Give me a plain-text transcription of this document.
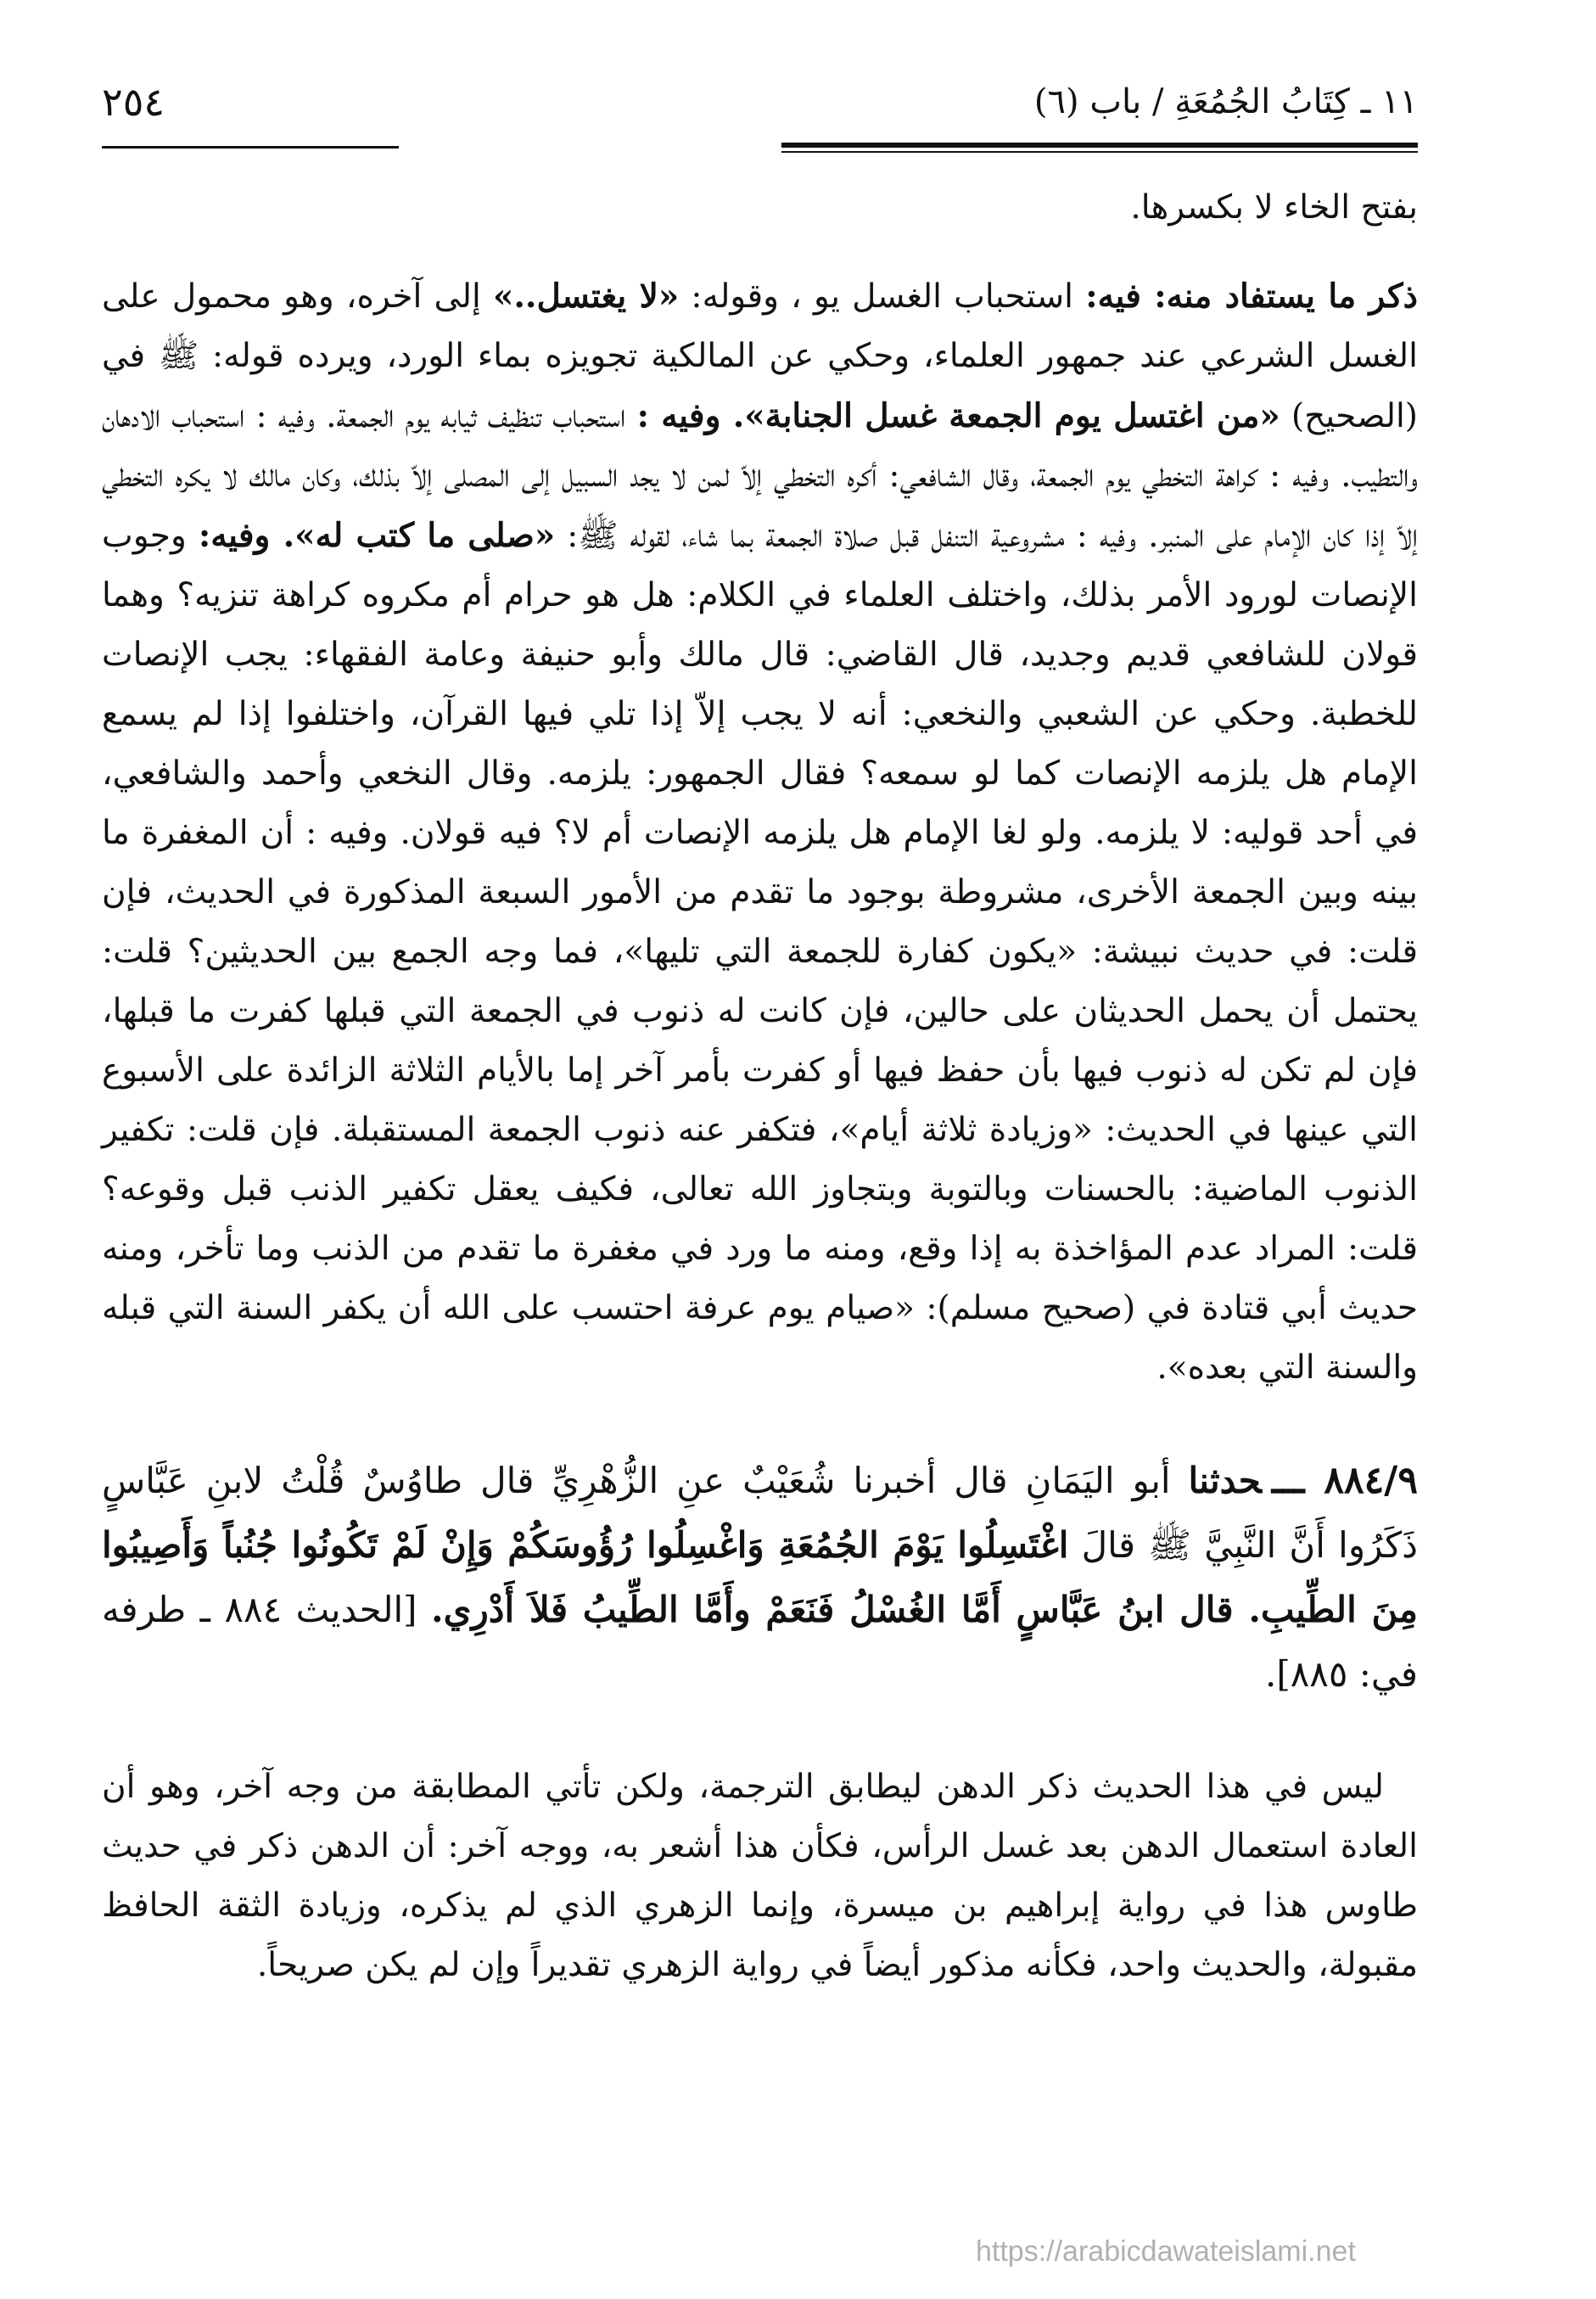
١١ ـ كِتَابُ الجُمُعَةِ / باب (٦)
٢٥٤

بفتح الخاء لا بكسرها.

ذكر ما يستفاد منه: فيه: استحباب الغسل يو ، وقوله: «لا يغتسل..» إلى آخره، وهو محمول على الغسل الشرعي عند جمهور العلماء، وحكي عن المالكية تجويزه بماء الورد، ويرده قوله: ﷺ في (الصحيح) «من اغتسل يوم الجمعة غسل الجنابة». وفيه : استحباب تنظيف ثيابه يوم الجمعة. وفيه : استحباب الادهان والتطيب. وفيه : كراهة التخطي يوم الجمعة، وقال الشافعي: أكره التخطي إلاّ لمن لا يجد السبيل إلى المصلى إلاّ بذلك، وكان مالك لا يكره التخطي إلاّ إذا كان الإمام على المنبر. وفيه : مشروعية التنفل قبل صلاة الجمعة بما شاء، لقوله ﷺ: «صلى ما كتب له». وفيه: وجوب الإنصات لورود الأمر بذلك، واختلف العلماء في الكلام: هل هو حرام أم مكروه كراهة تنزيه؟ وهما قولان للشافعي قديم وجديد، قال القاضي: قال مالك وأبو حنيفة وعامة الفقهاء: يجب الإنصات للخطبة. وحكي عن الشعبي والنخعي: أنه لا يجب إلاّ إذا تلي فيها القرآن، واختلفوا إذا لم يسمع الإمام هل يلزمه الإنصات كما لو سمعه؟ فقال الجمهور: يلزمه. وقال النخعي وأحمد والشافعي، في أحد قوليه: لا يلزمه. ولو لغا الإمام هل يلزمه الإنصات أم لا؟ فيه قولان. وفيه : أن المغفرة ما بينه وبين الجمعة الأخرى، مشروطة بوجود ما تقدم من الأمور السبعة المذكورة في الحديث، فإن قلت: في حديث نبيشة: «يكون كفارة للجمعة التي تليها»، فما وجه الجمع بين الحديثين؟ قلت: يحتمل أن يحمل الحديثان على حالين، فإن كانت له ذنوب في الجمعة التي قبلها كفرت ما قبلها، فإن لم تكن له ذنوب فيها بأن حفظ فيها أو كفرت بأمر آخر إما بالأيام الثلاثة الزائدة على الأسبوع التي عينها في الحديث: «وزيادة ثلاثة أيام»، فتكفر عنه ذنوب الجمعة المستقبلة. فإن قلت: تكفير الذنوب الماضية: بالحسنات وبالتوبة وبتجاوز الله تعالى، فكيف يعقل تكفير الذنب قبل وقوعه؟ قلت: المراد عدم المؤاخذة به إذا وقع، ومنه ما ورد في مغفرة ما تقدم من الذنب وما تأخر، ومنه حديث أبي قتادة في (صحيح مسلم): «صيام يوم عرفة احتسب على الله أن يكفر السنة التي قبله والسنة التي بعده».

٨٨٤/٩ ـــحدثنا أبو اليَمَانِ قال أخبرنا شُعَيْبٌ عنِ الزُّهْرِيِّ قال طاوُسٌ قُلْتُ لابنِ عَبَّاسٍ ذَكَرُوا أَنَّ النَّبِيَّ ﷺ قالَ اغْتَسِلُوا يَوْمَ الجُمُعَةِ وَاغْسِلُوا رُؤُوسَكُمْ وَإِنْ لَمْ تَكُونُوا جُنُباً وَأَصِيبُوا مِنَ الطِّيبِ. قال ابنُ عَبَّاسٍ أَمَّا الغُسْلُ فَنَعَمْ وأَمَّا الطِّيبُ فَلاَ أَدْرِي. [الحديث ٨٨٤ ـ طرفه في: ٨٨٥].

ليس في هذا الحديث ذكر الدهن ليطابق الترجمة، ولكن تأتي المطابقة من وجه آخر، وهو أن العادة استعمال الدهن بعد غسل الرأس، فكأن هذا أشعر به، ووجه آخر: أن الدهن ذكر في حديث طاوس هذا في رواية إبراهيم بن ميسرة، وإنما الزهري الذي لم يذكره، وزيادة الثقة الحافظ مقبولة، والحديث واحد، فكأنه مذكور أيضاً في رواية الزهري تقديراً وإن لم يكن صريحاً.

https://arabicdawateislami.net
